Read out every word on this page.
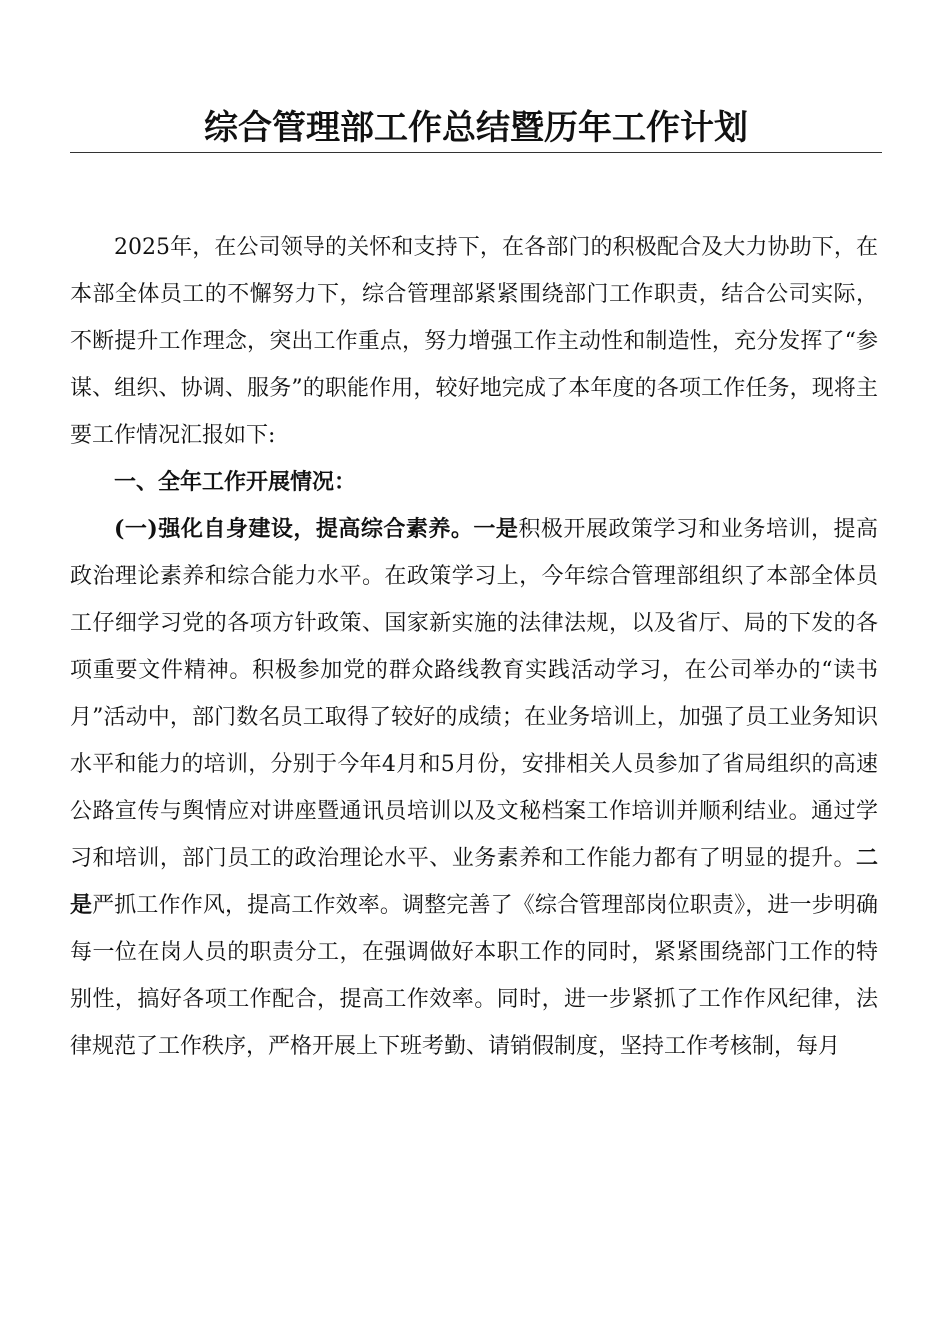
综合管理部工作总结暨历年工作计划

2025年，在公司领导的关怀和支持下，在各部门的积极配合及大力协助下，在本部全体员工的不懈努力下，综合管理部紧紧围绕部门工作职责，结合公司实际，不断提升工作理念，突出工作重点，努力增强工作主动性和制造性，充分发挥了“参谋、组织、协调、服务”的职能作用，较好地完成了本年度的各项工作任务，现将主要工作情况汇报如下:

一、全年工作开展情况：

(一)强化自身建设，提高综合素养。一是积极开展政策学习和业务培训，提高政治理论素养和综合能力水平。在政策学习上，今年综合管理部组织了本部全体员工仔细学习党的各项方针政策、国家新实施的法律法规，以及省厅、局的下发的各项重要文件精神。积极参加党的群众路线教育实践活动学习，在公司举办的“读书月”活动中，部门数名员工取得了较好的成绩；在业务培训上，加强了员工业务知识水平和能力的培训，分别于今年4月和5月份，安排相关人员参加了省局组织的高速公路宣传与舆情应对讲座暨通讯员培训以及文秘档案工作培训并顺利结业。通过学习和培训，部门员工的政治理论水平、业务素养和工作能力都有了明显的提升。二是严抓工作作风，提高工作效率。调整完善了《综合管理部岗位职责》，进一步明确每一位在岗人员的职责分工，在强调做好本职工作的同时，紧紧围绕部门工作的特别性，搞好各项工作配合，提高工作效率。同时，进一步紧抓了工作作风纪律，法律规范了工作秩序，严格开展上下班考勤、请销假制度，坚持工作考核制，每月
